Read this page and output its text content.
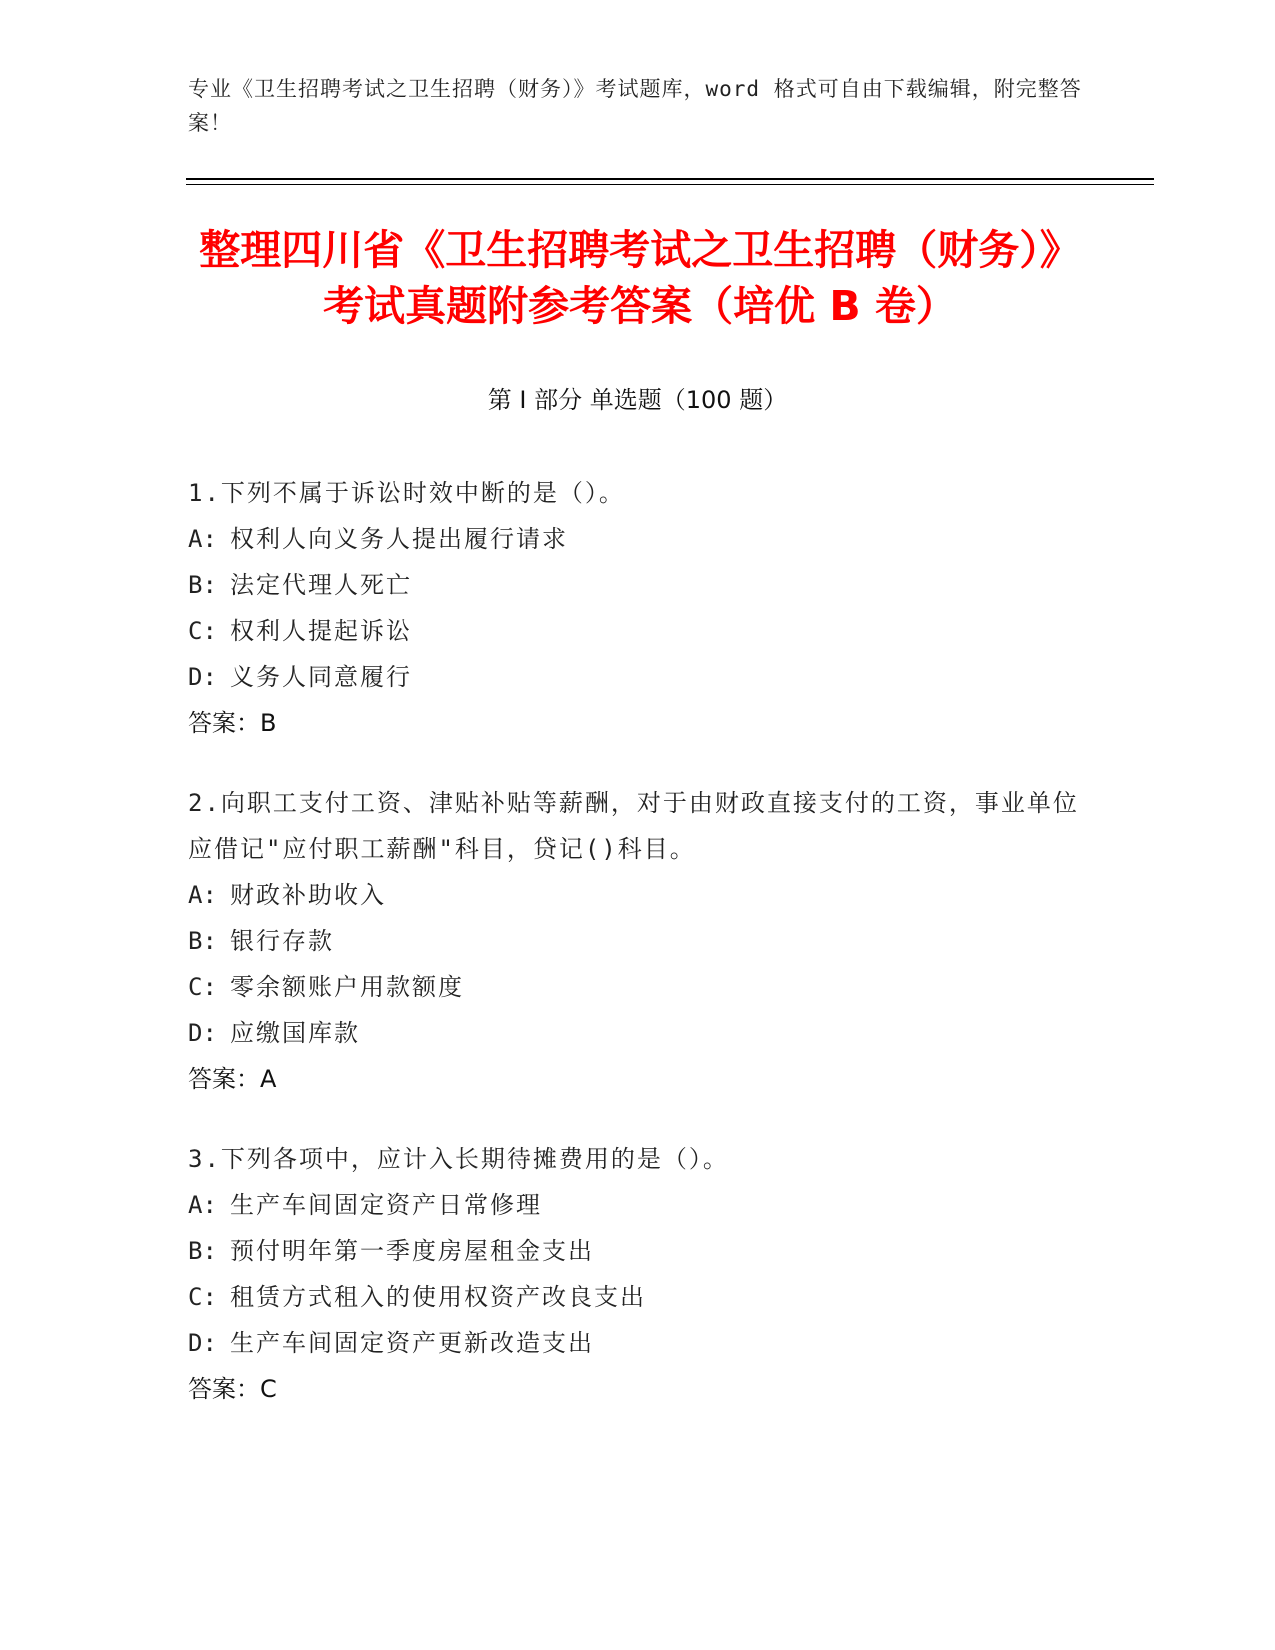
专业《卫生招聘考试之卫生招聘（财务）》考试题库，word 格式可自由下载编辑，附完整答案！
整理四川省《卫生招聘考试之卫生招聘（财务）》考试真题附参考答案（培优 B 卷）
第 I 部分 单选题（100 题）
1.下列不属于诉讼时效中断的是（）。
A: 权利人向义务人提出履行请求
B: 法定代理人死亡
C: 权利人提起诉讼
D: 义务人同意履行
答案：B
2.向职工支付工资、津贴补贴等薪酬，对于由财政直接支付的工资，事业单位应借记"应付职工薪酬"科目，贷记()科目。
A: 财政补助收入
B: 银行存款
C: 零余额账户用款额度
D: 应缴国库款
答案：A
3.下列各项中，应计入长期待摊费用的是（）。
A: 生产车间固定资产日常修理
B: 预付明年第一季度房屋租金支出
C: 租赁方式租入的使用权资产改良支出
D: 生产车间固定资产更新改造支出
答案：C
